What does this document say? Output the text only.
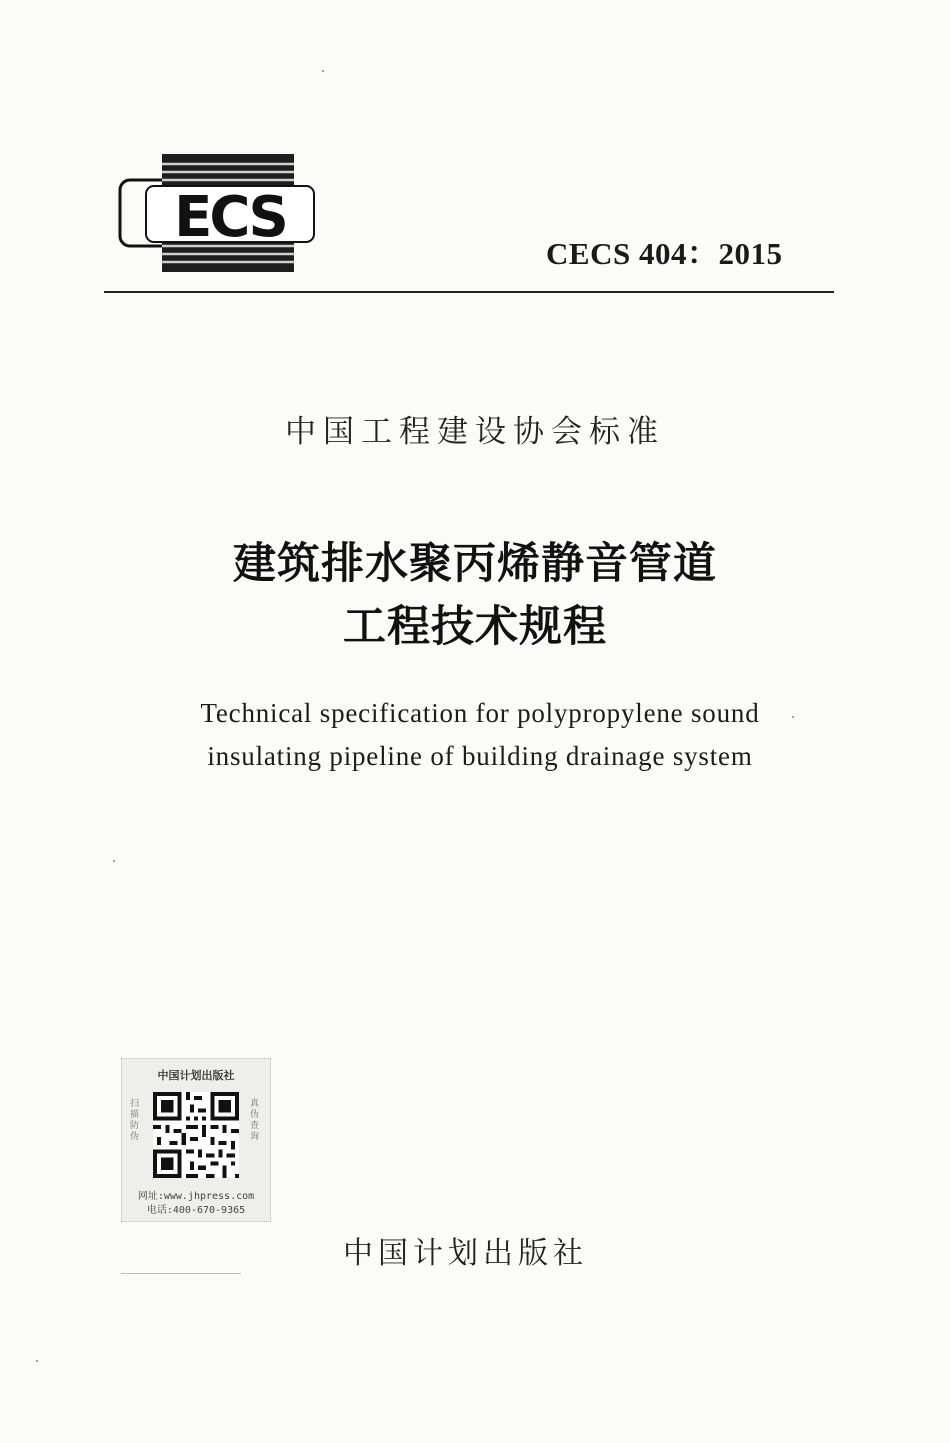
ECS
CECS 404：2015
中国工程建设协会标准
建筑排水聚丙烯静音管道
工程技术规程
Technical specification for polypropylene sound
insulating pipeline of building drainage system
中国计划出版社
扫描防伪
真伪查询
网址:www.jhpress.com
电话:400-670-9365
中国计划出版社
